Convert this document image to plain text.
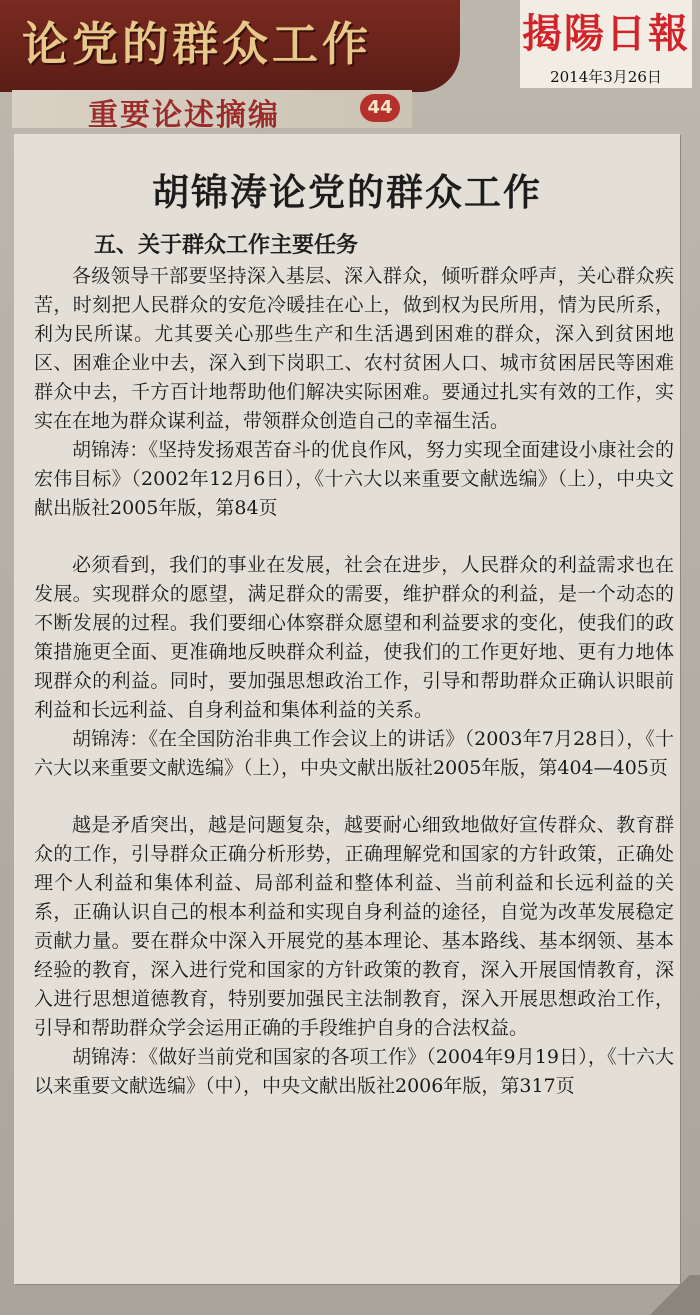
论党的群众工作	揭陽日報
2014年3月26日
重要论述摘编	44
胡锦涛论党的群众工作
五、关于群众工作主要任务

各级领导干部要坚持深入基层、深入群众，倾听群众呼声，关心群众疾苦，时刻把人民群众的安危冷暖挂在心上，做到权为民所用，情为民所系，利为民所谋。尤其要关心那些生产和生活遇到困难的群众，深入到贫困地区、困难企业中去，深入到下岗职工、农村贫困人口、城市贫困居民等困难群众中去，千方百计地帮助他们解决实际困难。要通过扎实有效的工作，实实在在地为群众谋利益，带领群众创造自己的幸福生活。

胡锦涛：《坚持发扬艰苦奋斗的优良作风，努力实现全面建设小康社会的宏伟目标》（2002年12月6日），《十六大以来重要文献选编》（上），中央文献出版社2005年版，第84页

必须看到，我们的事业在发展，社会在进步，人民群众的利益需求也在发展。实现群众的愿望，满足群众的需要，维护群众的利益，是一个动态的不断发展的过程。我们要细心体察群众愿望和利益要求的变化，使我们的政策措施更全面、更准确地反映群众利益，使我们的工作更好地、更有力地体现群众的利益。同时，要加强思想政治工作，引导和帮助群众正确认识眼前利益和长远利益、自身利益和集体利益的关系。

胡锦涛：《在全国防治非典工作会议上的讲话》（2003年7月28日），《十六大以来重要文献选编》（上），中央文献出版社2005年版，第404—405页

越是矛盾突出，越是问题复杂，越要耐心细致地做好宣传群众、教育群众的工作，引导群众正确分析形势，正确理解党和国家的方针政策，正确处理个人利益和集体利益、局部利益和整体利益、当前利益和长远利益的关系，正确认识自己的根本利益和实现自身利益的途径，自觉为改革发展稳定贡献力量。要在群众中深入开展党的基本理论、基本路线、基本纲领、基本经验的教育，深入进行党和国家的方针政策的教育，深入开展国情教育，深入进行思想道德教育，特别要加强民主法制教育，深入开展思想政治工作，引导和帮助群众学会运用正确的手段维护自身的合法权益。

胡锦涛：《做好当前党和国家的各项工作》（2004年9月19日），《十六大以来重要文献选编》（中），中央文献出版社2006年版，第317页
